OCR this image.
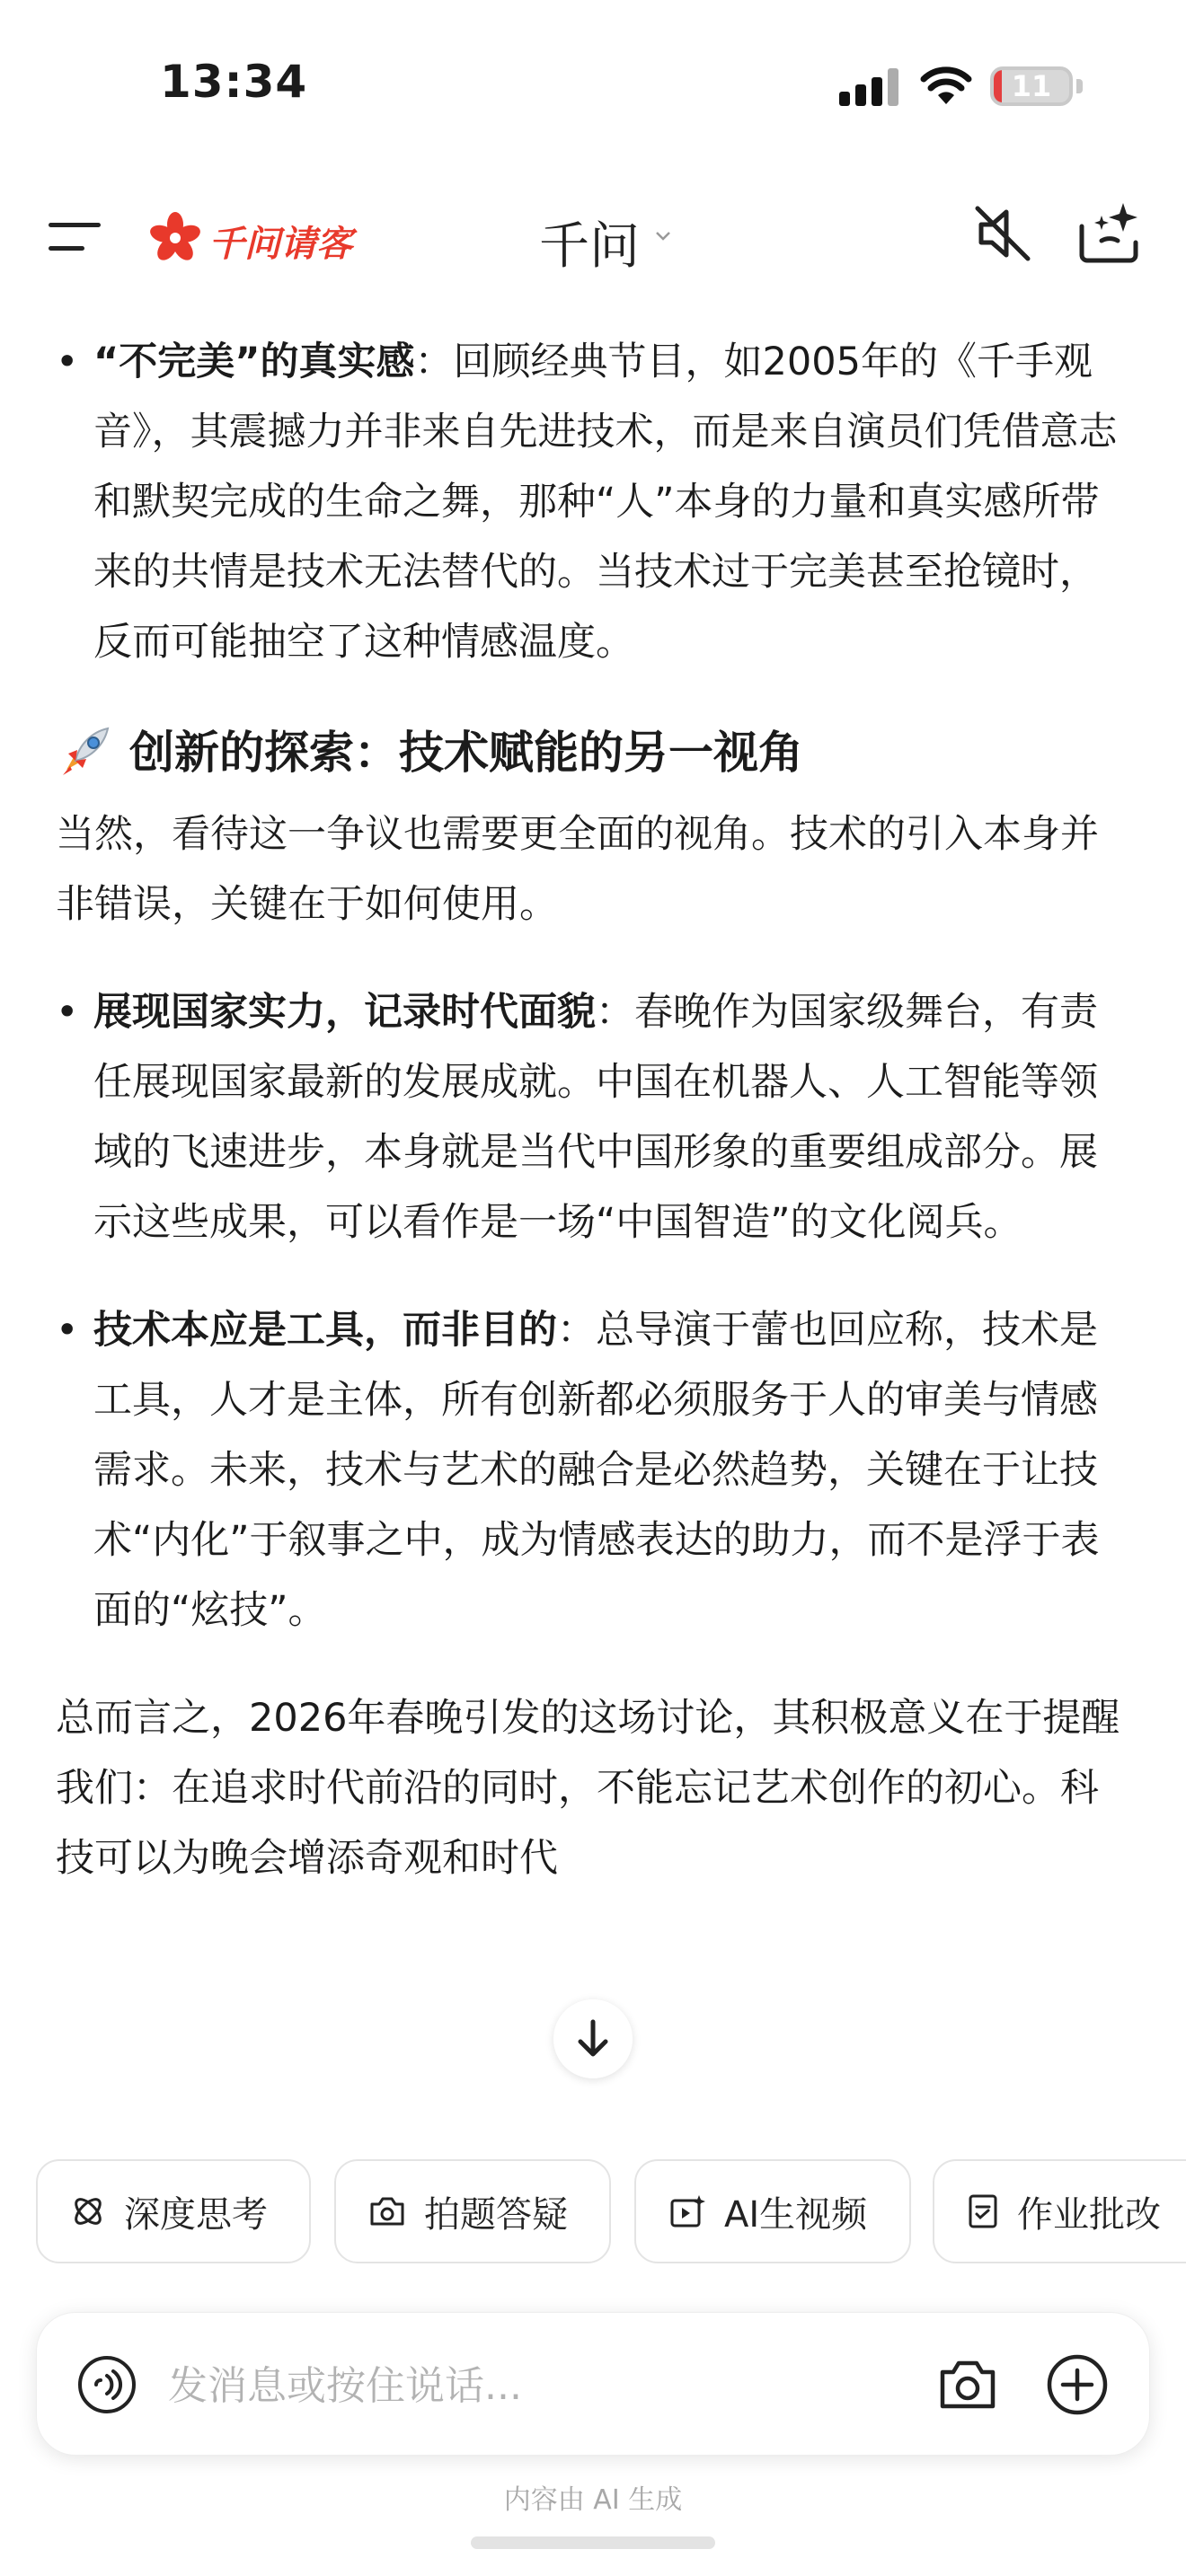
13:34	11
千问请客	千问

• “不完美”的真实感：回顾经典节目，如2005年的《千手观音》，其震撼力并非来自先进技术，而是来自演员们凭借意志和默契完成的生命之舞，那种“人”本身的力量和真实感所带来的共情是技术无法替代的。当技术过于完美甚至抢镜时，反而可能抽空了这种情感温度。

创新的探索：技术赋能的另一视角

当然，看待这一争议也需要更全面的视角。技术的引入本身并非错误，关键在于如何使用。

• 展现国家实力，记录时代面貌：春晚作为国家级舞台，有责任展现国家最新的发展成就。中国在机器人、人工智能等领域的飞速进步，本身就是当代中国形象的重要组成部分。展示这些成果，可以看作是一场“中国智造”的文化阅兵。

• 技术本应是工具，而非目的：总导演于蕾也回应称，技术是工具，人才是主体，所有创新都必须服务于人的审美与情感需求。未来，技术与艺术的融合是必然趋势，关键在于让技术“内化”于叙事之中，成为情感表达的助力，而不是浮于表面的“炫技”。

总而言之，2026年春晚引发的这场讨论，其积极意义在于提醒我们：在追求时代前沿的同时，不能忘记艺术创作的初心。科技可以为晚会增添奇观和时代

深度思考	拍题答疑	AI生视频	作业批改
发消息或按住说话...
内容由 AI 生成
